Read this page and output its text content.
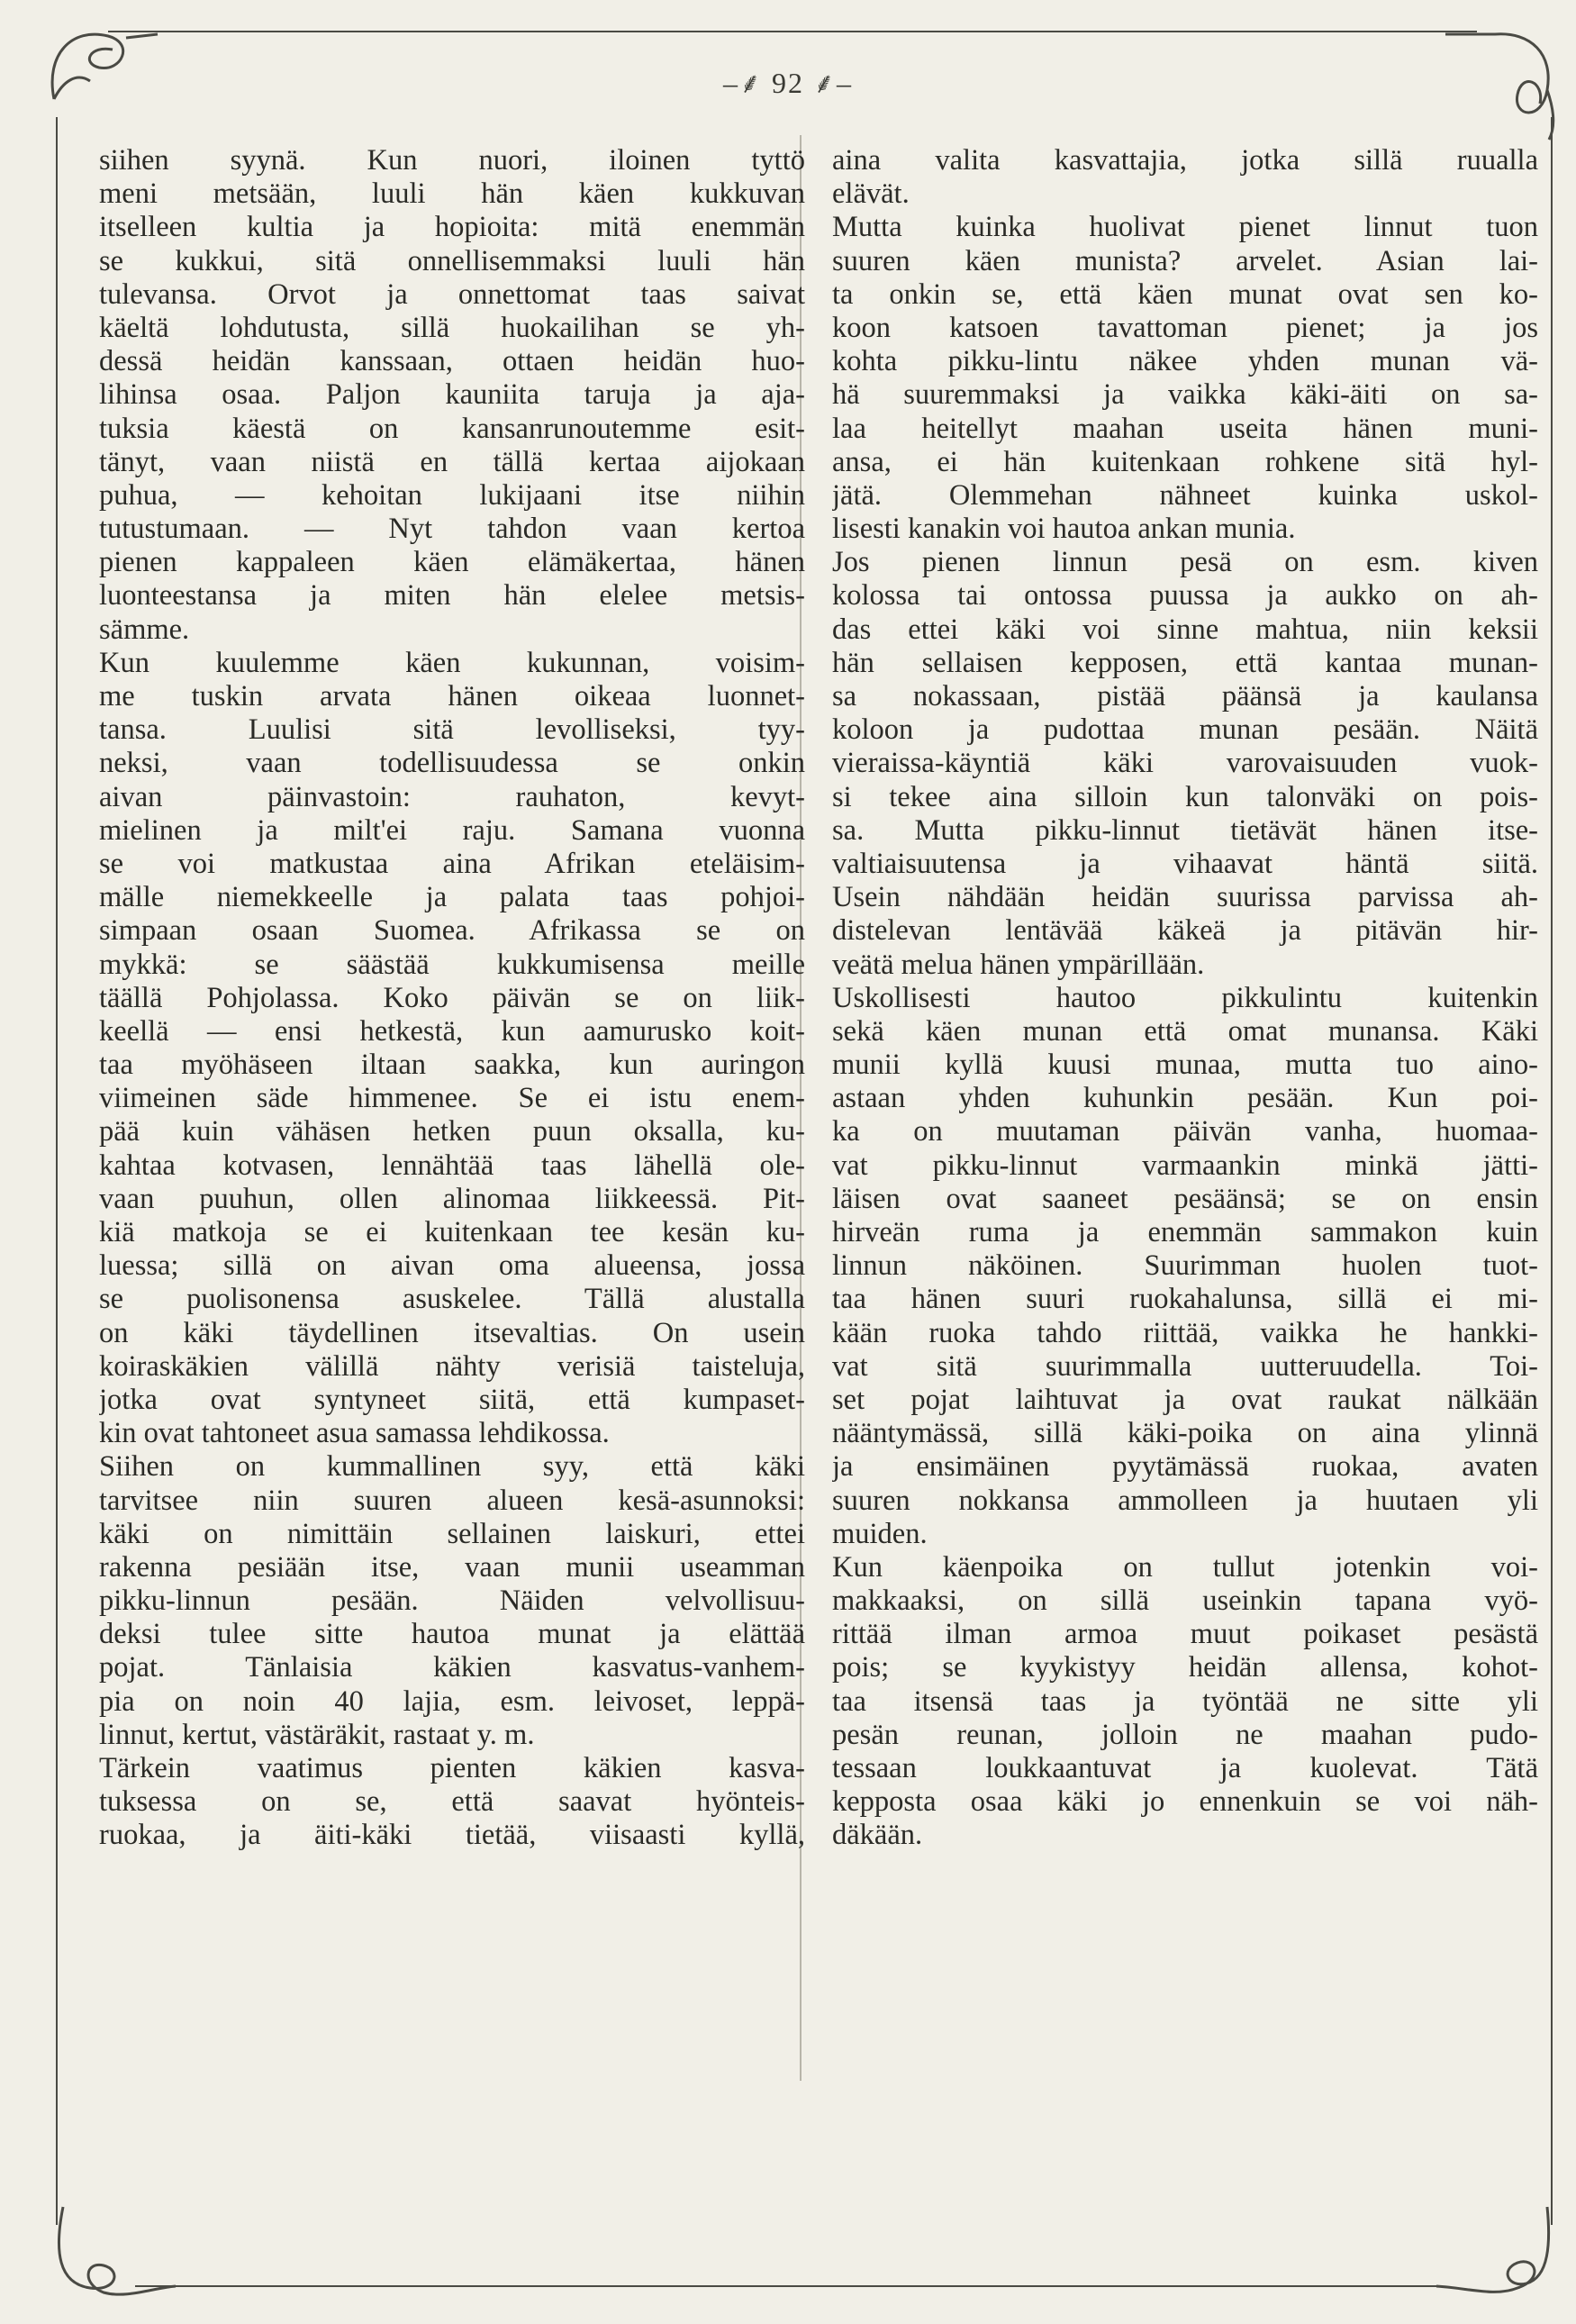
–⸙ 92 ⸙–
siihen syynä. Kun nuori, iloinen tyttö
meni metsään, luuli hän käen kukkuvan
itselleen kultia ja hopioita: mitä enemmän
se kukkui, sitä onnellisemmaksi luuli hän
tulevansa. Orvot ja onnettomat taas saivat
käeltä lohdutusta, sillä huokailihan se yh-
dessä heidän kanssaan, ottaen heidän huo-
lihinsa osaa. Paljon kauniita taruja ja aja-
tuksia käestä on kansanrunoutemme esit-
tänyt, vaan niistä en tällä kertaa aijokaan
puhua, — kehoitan lukijaani itse niihin
tutustumaan. — Nyt tahdon vaan kertoa
pienen kappaleen käen elämäkertaa, hänen
luonteestansa ja miten hän elelee metsis-
sämme.
Kun kuulemme käen kukunnan, voisim-
me tuskin arvata hänen oikeaa luonnet-
tansa. Luulisi sitä levolliseksi, tyy-
neksi, vaan todellisuudessa se onkin
aivan päinvastoin: rauhaton, kevyt-
mielinen ja milt'ei raju. Samana vuonna
se voi matkustaa aina Afrikan eteläisim-
mälle niemekkeelle ja palata taas pohjoi-
simpaan osaan Suomea. Afrikassa se on
mykkä: se säästää kukkumisensa meille
täällä Pohjolassa. Koko päivän se on liik-
keellä — ensi hetkestä, kun aamurusko koit-
taa myöhäseen iltaan saakka, kun auringon
viimeinen säde himmenee. Se ei istu enem-
pää kuin vähäsen hetken puun oksalla, ku-
kahtaa kotvasen, lennähtää taas lähellä ole-
vaan puuhun, ollen alinomaa liikkeessä. Pit-
kiä matkoja se ei kuitenkaan tee kesän ku-
luessa; sillä on aivan oma alueensa, jossa
se puolisonensa asuskelee. Tällä alustalla
on käki täydellinen itsevaltias. On usein
koiraskäkien välillä nähty verisiä taisteluja,
jotka ovat syntyneet siitä, että kumpaset-
kin ovat tahtoneet asua samassa lehdikossa.
Siihen on kummallinen syy, että käki
tarvitsee niin suuren alueen kesä-asunnoksi:
käki on nimittäin sellainen laiskuri, ettei
rakenna pesiään itse, vaan munii useamman
pikku-linnun pesään. Näiden velvollisuu-
deksi tulee sitte hautoa munat ja elättää
pojat. Tänlaisia käkien kasvatus-vanhem-
pia on noin 40 lajia, esm. leivoset, leppä-
linnut, kertut, västäräkit, rastaat y. m.
Tärkein vaatimus pienten käkien kasva-
tuksessa on se, että saavat hyönteis-
ruokaa, ja äiti-käki tietää, viisaasti kyllä,
aina valita kasvattajia, jotka sillä ruualla
elävät.
Mutta kuinka huolivat pienet linnut tuon
suuren käen munista? arvelet. Asian lai-
ta onkin se, että käen munat ovat sen ko-
koon katsoen tavattoman pienet; ja jos
kohta pikku-lintu näkee yhden munan vä-
hä suuremmaksi ja vaikka käki-äiti on sa-
laa heitellyt maahan useita hänen muni-
ansa, ei hän kuitenkaan rohkene sitä hyl-
jätä. Olemmehan nähneet kuinka uskol-
lisesti kanakin voi hautoa ankan munia.
Jos pienen linnun pesä on esm. kiven
kolossa tai ontossa puussa ja aukko on ah-
das ettei käki voi sinne mahtua, niin keksii
hän sellaisen kepposen, että kantaa munan-
sa nokassaan, pistää päänsä ja kaulansa
koloon ja pudottaa munan pesään. Näitä
vieraissa-käyntiä käki varovaisuuden vuok-
si tekee aina silloin kun talonväki on pois-
sa. Mutta pikku-linnut tietävät hänen itse-
valtiaisuutensa ja vihaavat häntä siitä.
Usein nähdään heidän suurissa parvissa ah-
distelevan lentävää käkeä ja pitävän hir-
veätä melua hänen ympärillään.
Uskollisesti hautoo pikkulintu kuitenkin
sekä käen munan että omat munansa. Käki
munii kyllä kuusi munaa, mutta tuo aino-
astaan yhden kuhunkin pesään. Kun poi-
ka on muutaman päivän vanha, huomaa-
vat pikku-linnut varmaankin minkä jätti-
läisen ovat saaneet pesäänsä; se on ensin
hirveän ruma ja enemmän sammakon kuin
linnun näköinen. Suurimman huolen tuot-
taa hänen suuri ruokahalunsa, sillä ei mi-
kään ruoka tahdo riittää, vaikka he hankki-
vat sitä suurimmalla uutteruudella. Toi-
set pojat laihtuvat ja ovat raukat nälkään
nääntymässä, sillä käki-poika on aina ylinnä
ja ensimäinen pyytämässä ruokaa, avaten
suuren nokkansa ammolleen ja huutaen yli
muiden.
Kun käenpoika on tullut jotenkin voi-
makkaaksi, on sillä useinkin tapana vyö-
rittää ilman armoa muut poikaset pesästä
pois; se kyykistyy heidän allensa, kohot-
taa itsensä taas ja työntää ne sitte yli
pesän reunan, jolloin ne maahan pudo-
tessaan loukkaantuvat ja kuolevat. Tätä
kepposta osaa käki jo ennenkuin se voi näh-
däkään.
